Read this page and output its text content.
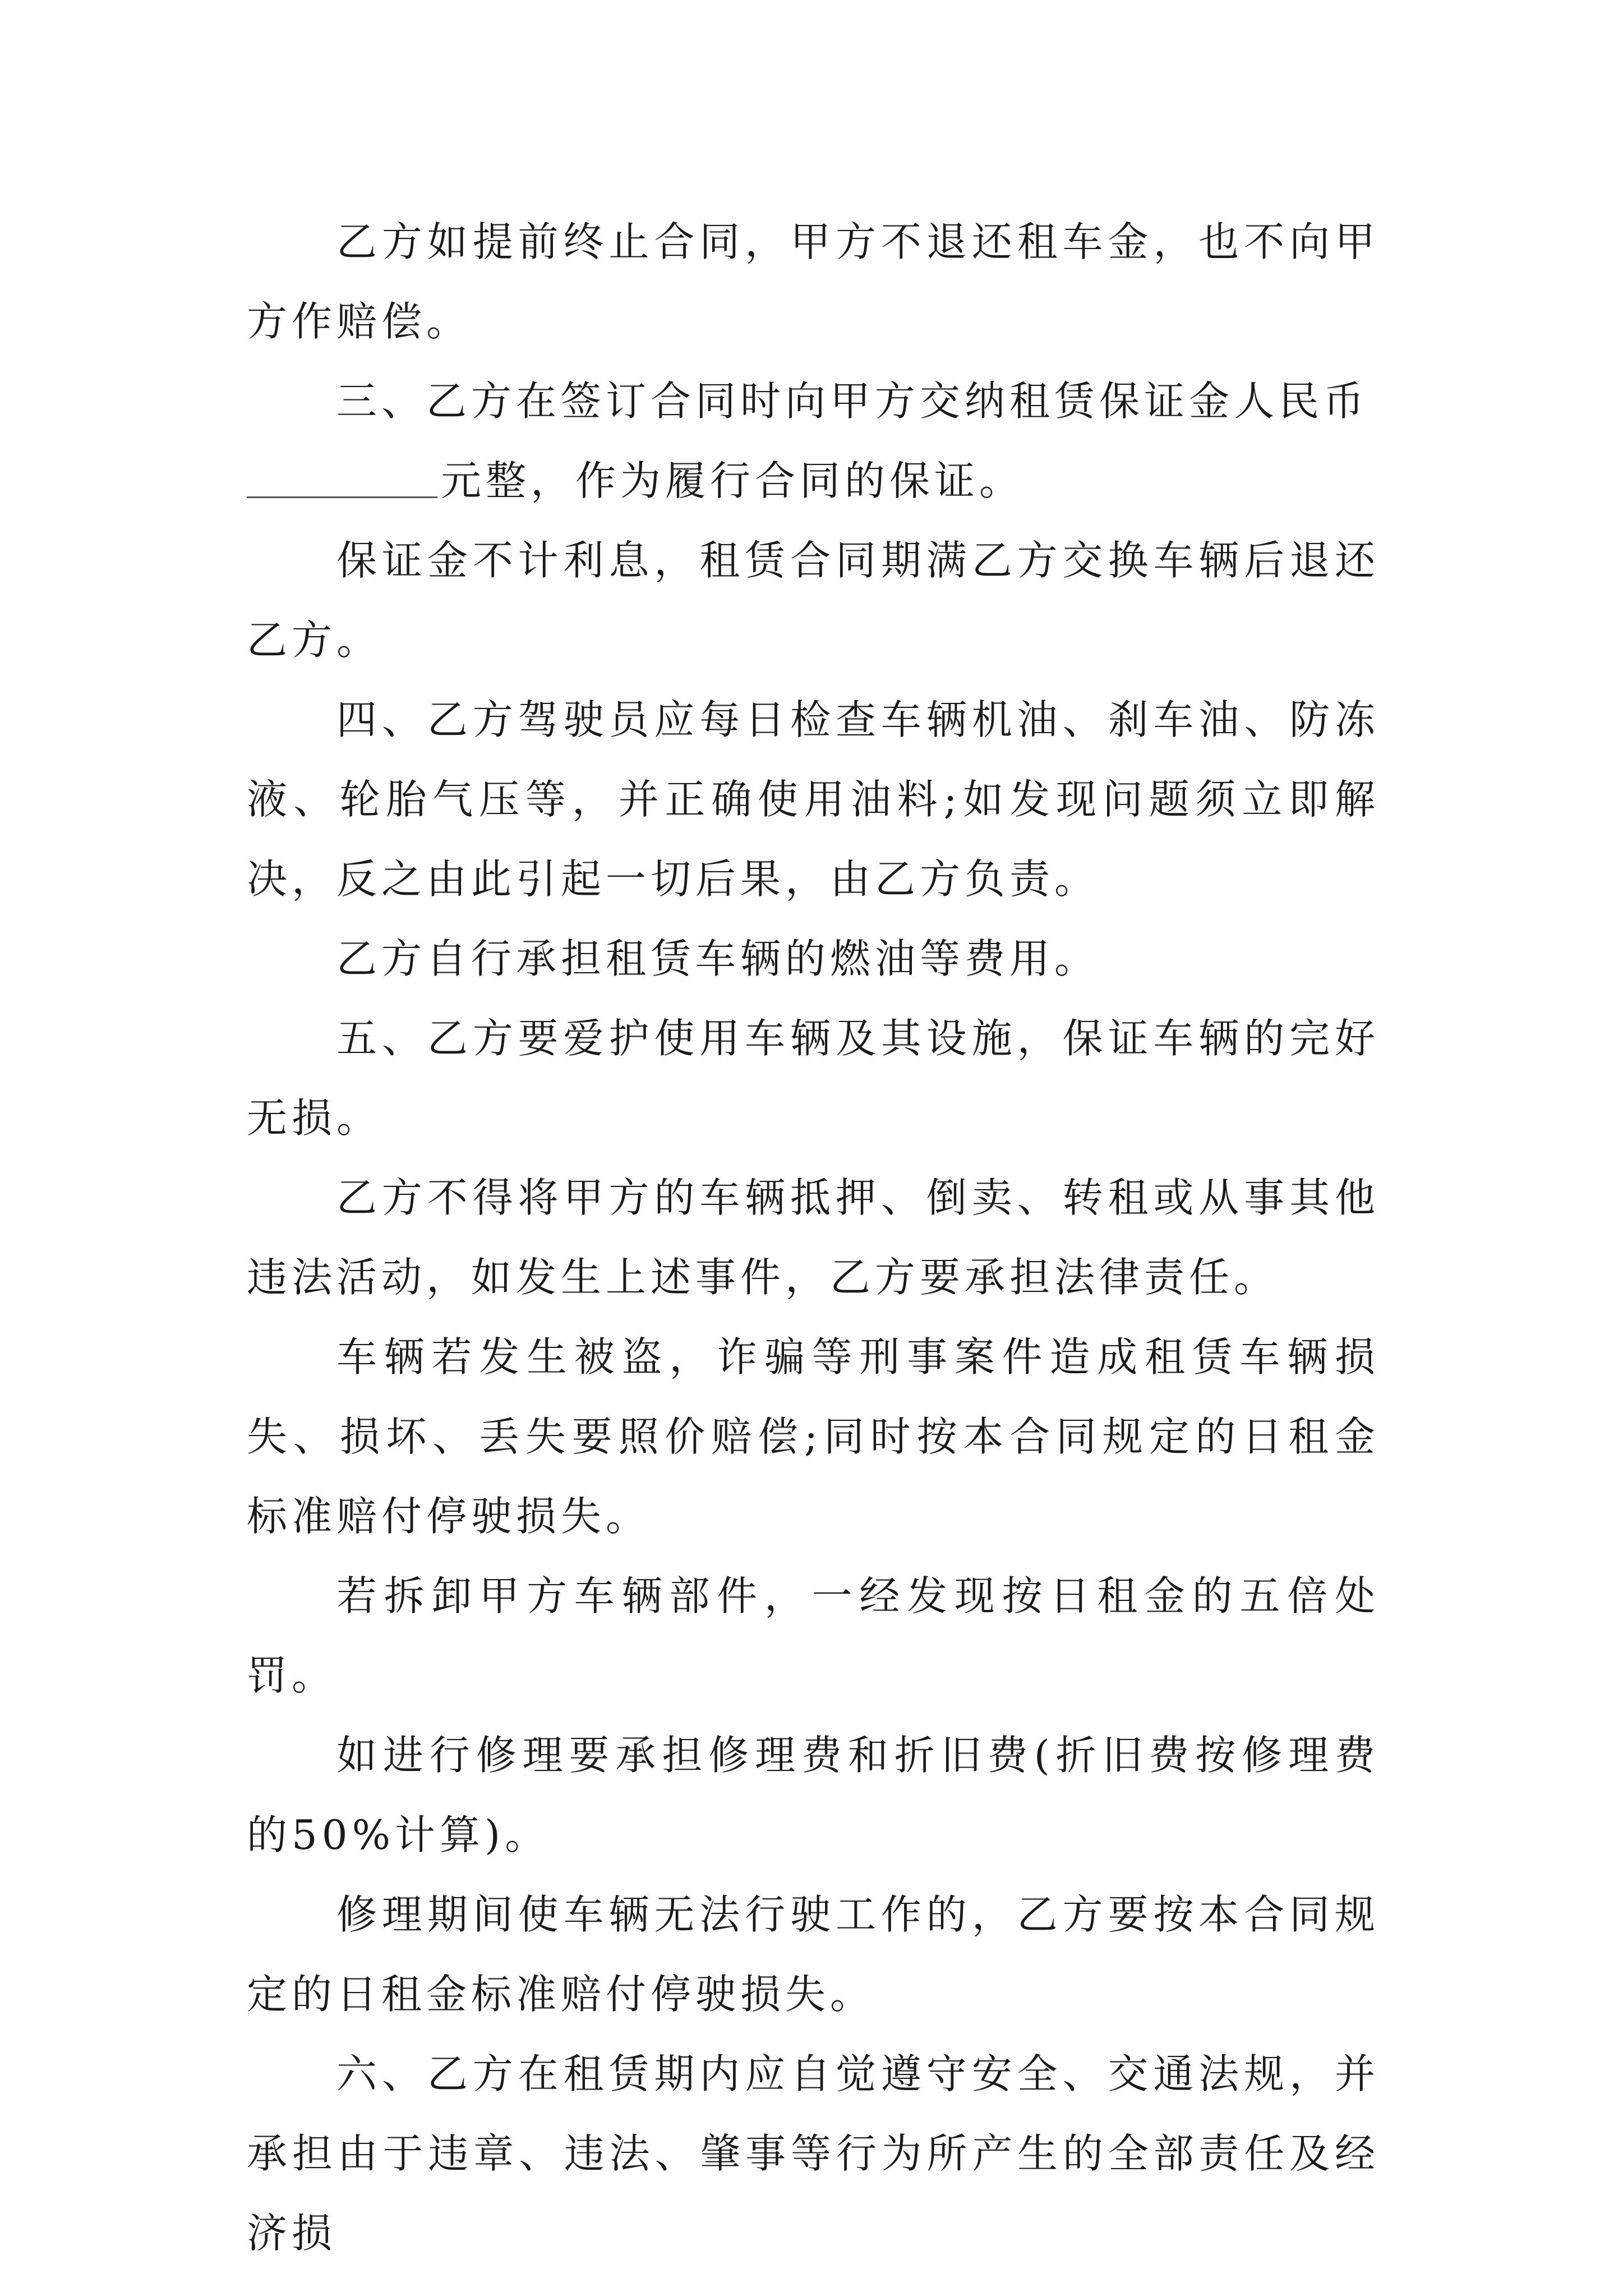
乙方如提前终止合同，甲方不退还租车金，也不向甲方作赔偿。

三、乙方在签订合同时向甲方交纳租赁保证金人民币

元整，作为履行合同的保证。

保证金不计利息，租赁合同期满乙方交换车辆后退还乙方。

四、乙方驾驶员应每日检查车辆机油、刹车油、防冻液、轮胎气压等，并正确使用油料;如发现问题须立即解决，反之由此引起一切后果，由乙方负责。

乙方自行承担租赁车辆的燃油等费用。

五、乙方要爱护使用车辆及其设施，保证车辆的完好无损。

乙方不得将甲方的车辆抵押、倒卖、转租或从事其他违法活动，如发生上述事件，乙方要承担法律责任。

车辆若发生被盗，诈骗等刑事案件造成租赁车辆损失、损坏、丢失要照价赔偿;同时按本合同规定的日租金标准赔付停驶损失。

若拆卸甲方车辆部件，一经发现按日租金的五倍处罚。

如进行修理要承担修理费和折旧费(折旧费按修理费的50%计算)。

修理期间使车辆无法行驶工作的，乙方要按本合同规定的日租金标准赔付停驶损失。

六、乙方在租赁期内应自觉遵守安全、交通法规，并承担由于违章、违法、肇事等行为所产生的全部责任及经济损
